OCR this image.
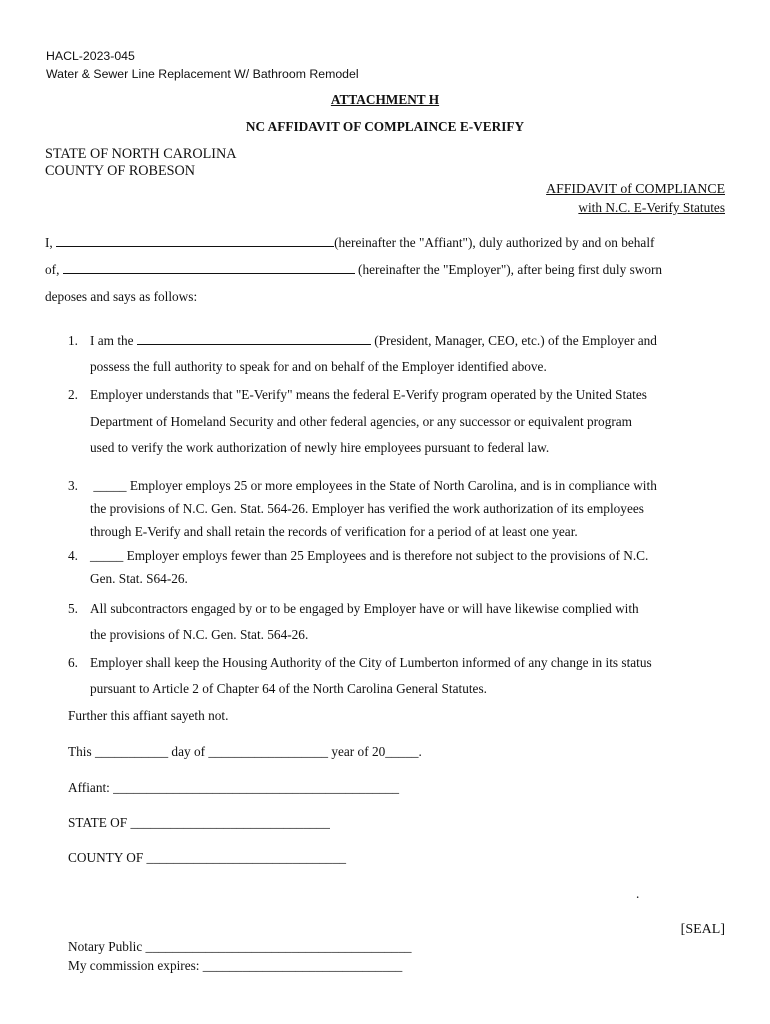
HACL-2023-045
Water & Sewer Line Replacement W/ Bathroom Remodel
ATTACHMENT H
NC AFFIDAVIT OF COMPLAINCE E-VERIFY
STATE OF NORTH CAROLINA
COUNTY OF ROBESON
AFFIDAVIT of COMPLIANCE
with N.C. E-Verify Statutes
I,	(hereinafter the "Affiant"), duly authorized by and on behalf
of,	(hereinafter the "Employer"), after being first duly sworn
deposes and says as follows:
1. I am the	(President, Manager, CEO, etc.) of the Employer and
possess the full authority to speak for and on behalf of the Employer identified above.
2. Employer understands that "E-Verify" means the federal E-Verify program operated by the United States
Department of Homeland Security and other federal agencies, or any successor or equivalent program
used to verify the work authorization of newly hire employees pursuant to federal law.
3. _____ Employer employs 25 or more employees in the State of North Carolina, and is in compliance with
the provisions of N.C. Gen. Stat. 564-26. Employer has verified the work authorization of its employees
through E-Verify and shall retain the records of verification for a period of at least one year.
4. _____ Employer employs fewer than 25 Employees and is therefore not subject to the provisions of N.C.
Gen. Stat. S64-26.
5. All subcontractors engaged by or to be engaged by Employer have or will have likewise complied with
the provisions of N.C. Gen. Stat. 564-26.
6. Employer shall keep the Housing Authority of the City of Lumberton informed of any change in its status
pursuant to Article 2 of Chapter 64 of the North Carolina General Statutes.
Further this affiant sayeth not.
This ___________ day of __________________ year of 20_____.
Affiant: ___________________________________________
STATE OF ______________________________
COUNTY OF ______________________________
.
[SEAL]
Notary Public ________________________________________
My commission expires: ______________________________
